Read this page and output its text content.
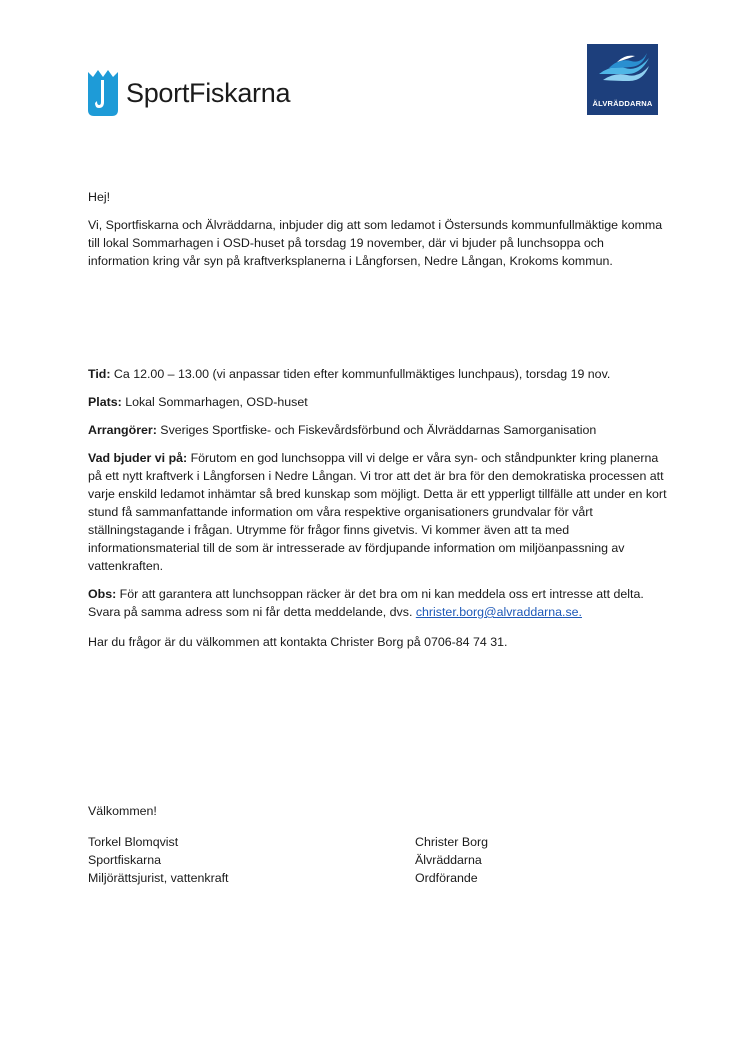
SportFiskarna	ÄLVRÄDDARNA

Hej!

Vi, Sportfiskarna och Älvräddarna, inbjuder dig att som ledamot i Östersunds kommunfullmäktige komma till lokal Sommarhagen i OSD-huset på torsdag 19 november, där vi bjuder på lunchsoppa och information kring vår syn på kraftverksplanerna i Långforsen, Nedre Långan, Krokoms kommun.

Tid: Ca 12.00 – 13.00 (vi anpassar tiden efter kommunfullmäktiges lunchpaus), torsdag 19 nov.

Plats: Lokal Sommarhagen, OSD-huset

Arrangörer: Sveriges Sportfiske- och Fiskevårdsförbund och Älvräddarnas Samorganisation

Vad bjuder vi på: Förutom en god lunchsoppa vill vi delge er våra syn- och ståndpunkter kring planerna på ett nytt kraftverk i Långforsen i Nedre Långan. Vi tror att det är bra för den demokratiska processen att varje enskild ledamot inhämtar så bred kunskap som möjligt. Detta är ett ypperligt tillfälle att under en kort stund få sammanfattande information om våra respektive organisationers grundvalar för vårt ställningstagande i frågan. Utrymme för frågor finns givetvis. Vi kommer även att ta med informationsmaterial till de som är intresserade av fördjupande information om miljöanpassning av vattenkraften.

Obs: För att garantera att lunchsoppan räcker är det bra om ni kan meddela oss ert intresse att delta. Svara på samma adress som ni får detta meddelande, dvs. christer.borg@alvraddarna.se.

Har du frågor är du välkommen att kontakta Christer Borg på 0706-84 74 31.

Välkommen!

Torkel Blomqvist
Sportfiskarna
Miljörättsjurist, vattenkraft
Christer Borg
Älvräddarna
Ordförande
